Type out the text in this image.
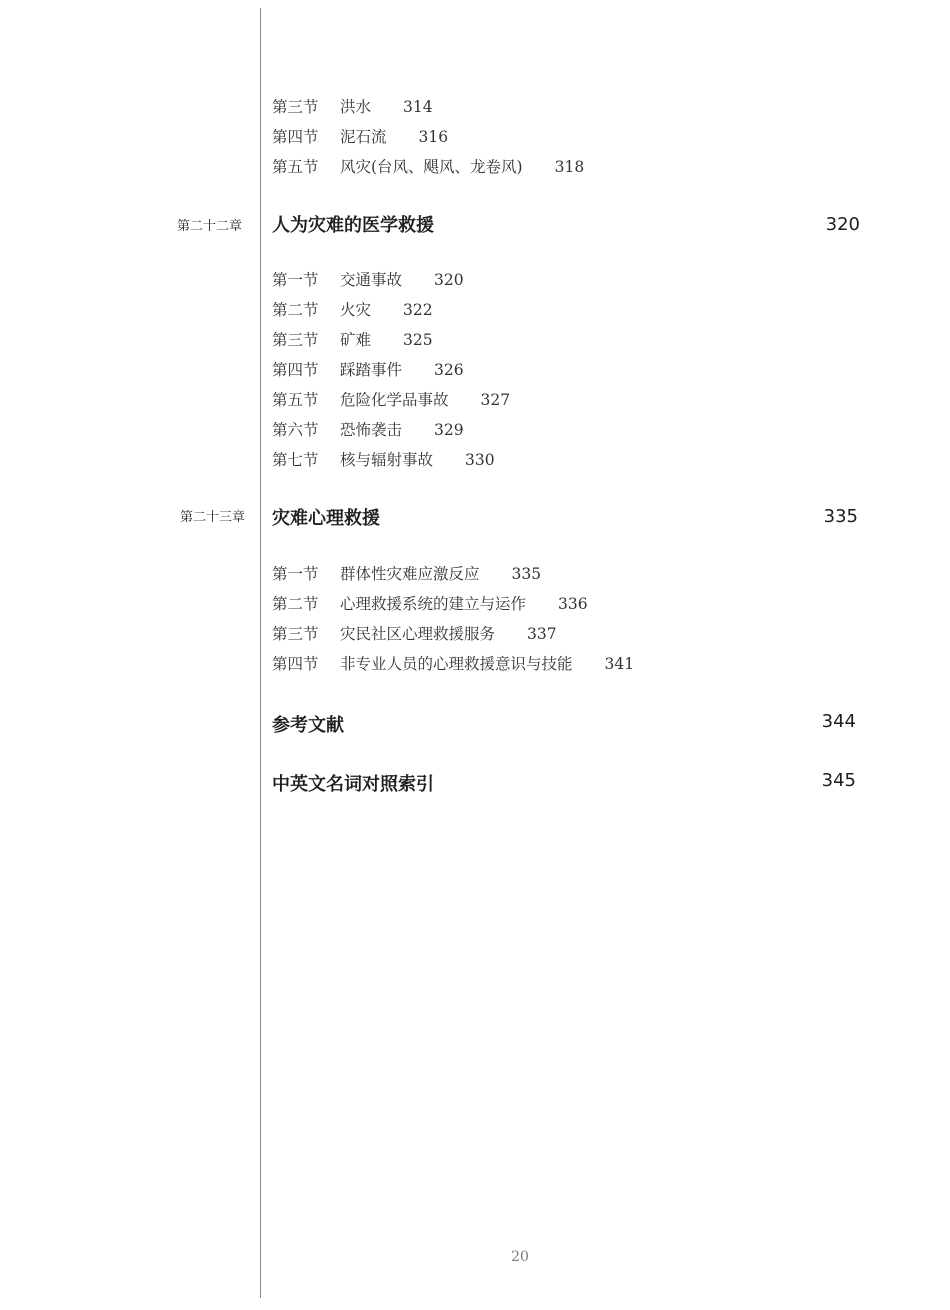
第三节 洪水 314
第四节 泥石流 316
第五节 风灾(台风、飓风、龙卷风) 318
第二十二章 人为灾难的医学救援	320
第一节 交通事故 320
第二节 火灾 322
第三节 矿难 325
第四节 踩踏事件 326
第五节 危险化学品事故 327
第六节 恐怖袭击 329
第七节 核与辐射事故 330
第二十三章 灾难心理救援	335
第一节 群体性灾难应激反应 335
第二节 心理救援系统的建立与运作 336
第三节 灾民社区心理救援服务 337
第四节 非专业人员的心理救援意识与技能 341
参考文献	344
中英文名词对照索引	345
20
